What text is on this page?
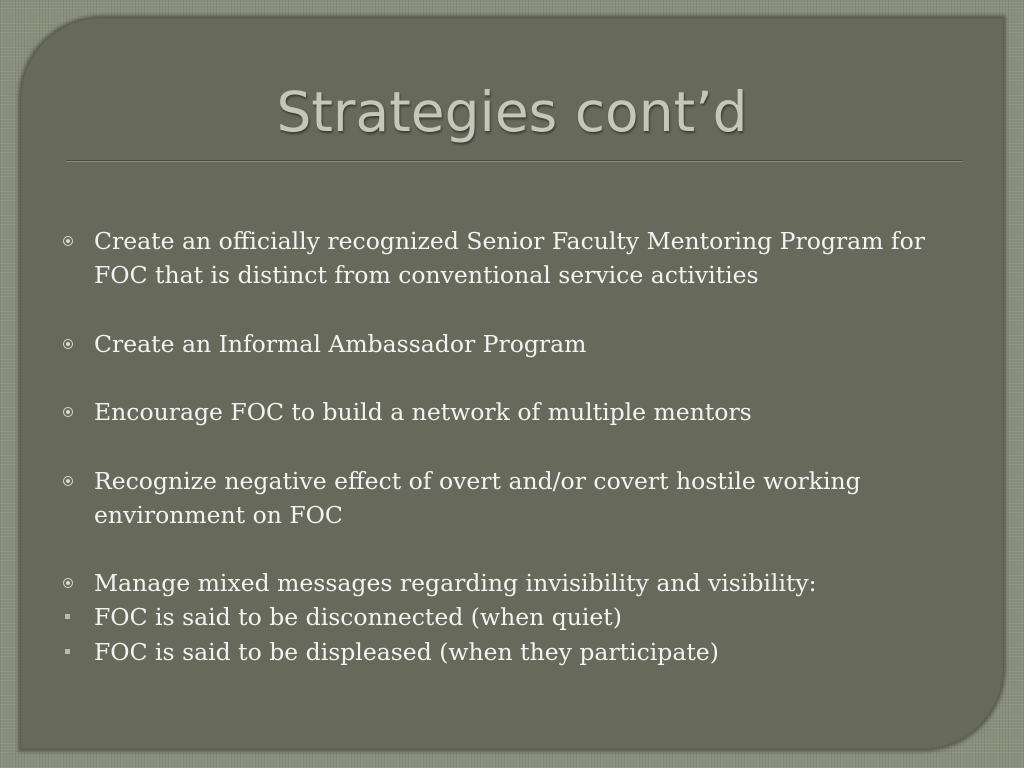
Strategies cont’d
Create an officially recognized Senior Faculty Mentoring Program for FOC that is distinct from conventional service activities
Create an Informal Ambassador Program
Encourage FOC to build a network of multiple mentors
Recognize negative effect of overt and/or covert hostile working environment on FOC
Manage mixed messages regarding invisibility and visibility:
FOC is said to be disconnected (when quiet)
FOC is said to be displeased (when they participate)
